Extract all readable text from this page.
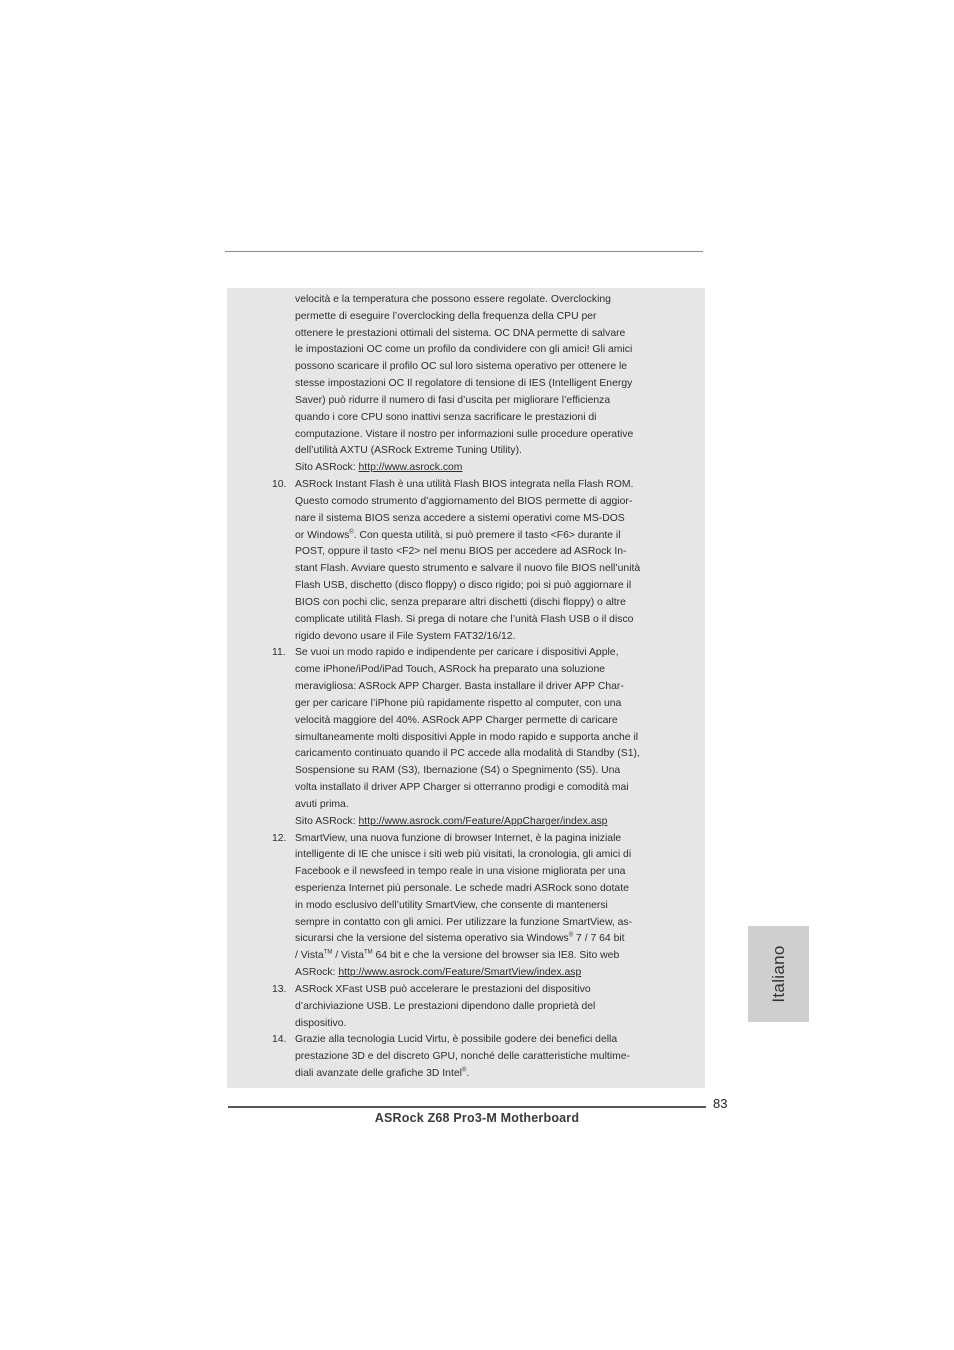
velocità e la temperatura che possono essere regolate. Overclocking
permette di eseguire l’overclocking della frequenza della CPU per
ottenere le prestazioni ottimali del sistema. OC DNA permette di salvare
le impostazioni OC come un profilo da condividere con gli amici! Gli amici
possono scaricare il profilo OC sul loro sistema operativo per ottenere le
stesse impostazioni OC Il regolatore di tensione di IES (Intelligent Energy
Saver) può ridurre il numero di fasi d’uscita per migliorare l’efficienza
quando i core CPU sono inattivi senza sacrificare le prestazioni di
computazione. Vistare il nostro per informazioni sulle procedure operative
dell’utilità AXTU (ASRock Extreme Tuning Utility).
Sito ASRock: http://www.asrock.com
10. ASRock Instant Flash è una utilità Flash BIOS integrata nella Flash ROM.
Questo comodo strumento d’aggiornamento del BIOS permette di aggior-
nare il sistema BIOS senza accedere a sistemi operativi come MS-DOS
or Windows®. Con questa utilità, si può premere il tasto <F6> durante il
POST, oppure il tasto <F2> nel menu BIOS per accedere ad ASRock In-
stant Flash. Avviare questo strumento e salvare il nuovo file BIOS nell’unità
Flash USB, dischetto (disco floppy) o disco rigido; poi si può aggiornare il
BIOS con pochi clic, senza preparare altri dischetti (dischi floppy) o altre
complicate utilità Flash. Si prega di notare che l’unità Flash USB o il disco
rigido devono usare il File System FAT32/16/12.
11. Se vuoi un modo rapido e indipendente per caricare i dispositivi Apple,
come iPhone/iPod/iPad Touch, ASRock ha preparato una soluzione
meravigliosa: ASRock APP Charger. Basta installare il driver APP Char-
ger per caricare l’iPhone più rapidamente rispetto al computer, con una
velocità maggiore del 40%. ASRock APP Charger permette di caricare
simultaneamente molti dispositivi Apple in modo rapido e supporta anche il
caricamento continuato quando il PC accede alla modalità di Standby (S1),
Sospensione su RAM (S3), Ibernazione (S4) o Spegnimento (S5). Una
volta installato il driver APP Charger si otterranno prodigi e comodità mai
avuti prima.
Sito ASRock: http://www.asrock.com/Feature/AppCharger/index.asp
12. SmartView, una nuova funzione di browser Internet, è la pagina iniziale
intelligente di IE che unisce i siti web più visitati, la cronologia, gli amici di
Facebook e il newsfeed in tempo reale in una visione migliorata per una
esperienza Internet più personale. Le schede madri ASRock sono dotate
in modo esclusivo dell’utility SmartView, che consente di mantenersi
sempre in contatto con gli amici. Per utilizzare la funzione SmartView, as-
sicurarsi che la versione del sistema operativo sia Windows® 7 / 7 64 bit
/ Vista™ / Vista™ 64 bit e che la versione del browser sia IE8. Sito web
ASRock: http://www.asrock.com/Feature/SmartView/index.asp
13. ASRock XFast USB può accelerare le prestazioni del dispositivo
d’archiviazione USB. Le prestazioni dipendono dalle proprietà del
dispositivo.
14. Grazie alla tecnologia Lucid Virtu, è possibile godere dei benefici della
prestazione 3D e del discreto GPU, nonché delle caratteristiche multime-
diali avanzate delle grafiche 3D Intel®.
Italiano
83
ASRock Z68 Pro3-M Motherboard
